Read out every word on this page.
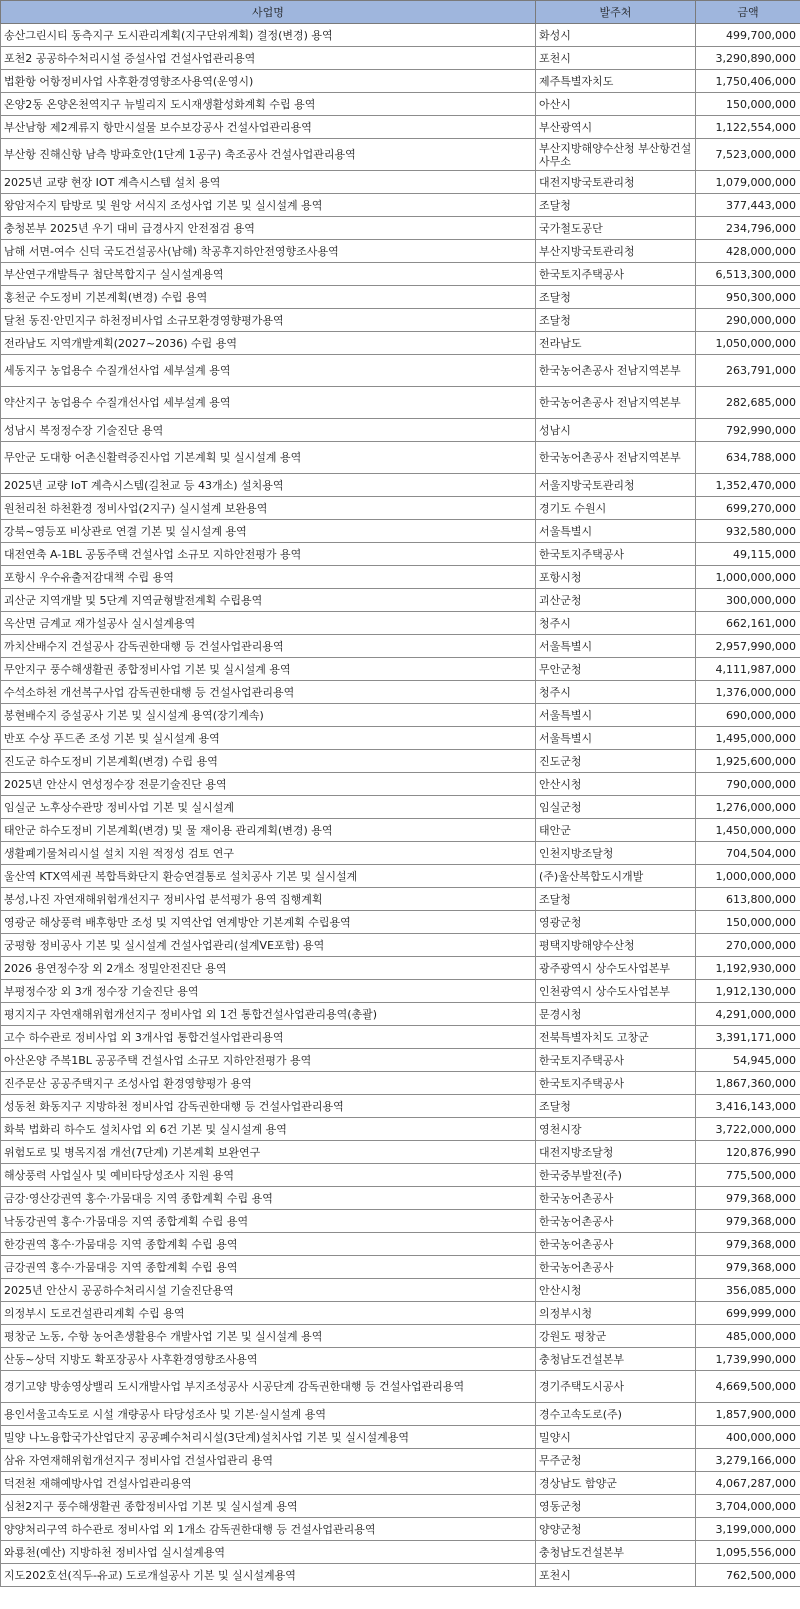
사업명	발주처	금액
송산그린시티 동측지구 도시관리계획(지구단위계획) 결정(변경) 용역	화성시	499,700,000
포천2 공공하수처리시설 증설사업 건설사업관리용역	포천시	3,290,890,000
법환항 어항정비사업 사후환경영향조사용역(운영시)	제주특별자치도	1,750,406,000
온양2동 온양온천역지구 뉴빌리지 도시재생활성화계획 수립 용역	아산시	150,000,000
부산남항 제2계류지 항만시설물 보수보강공사 건설사업관리용역	부산광역시	1,122,554,000
부산항 진해신항 남측 방파호안(1단계 1공구) 축조공사 건설사업관리용역	부산지방해양수산청 부산항건설사무소	7,523,000,000
2025년 교량 현장 IOT 계측시스템 설치 용역	대전지방국토관리청	1,079,000,000
왕암저수지 탐방로 및 원앙 서식지 조성사업 기본 및 실시설계 용역	조달청	377,443,000
충청본부 2025년 우기 대비 급경사지 안전점검 용역	국가철도공단	234,796,000
남해 서면-여수 신덕 국도건설공사(남해) 착공후지하안전영향조사용역	부산지방국토관리청	428,000,000
부산연구개발특구 첨단복합지구 실시설계용역	한국토지주택공사	6,513,300,000
홍천군 수도정비 기본계획(변경) 수립 용역	조달청	950,300,000
달천 동진·안민지구 하천정비사업 소규모환경영향평가용역	조달청	290,000,000
전라남도 지역개발계획(2027~2036) 수립 용역	전라남도	1,050,000,000
세동지구 농업용수 수질개선사업 세부설계 용역	한국농어촌공사 전남지역본부	263,791,000
약산지구 농업용수 수질개선사업 세부설계 용역	한국농어촌공사 전남지역본부	282,685,000
성남시 복정정수장 기술진단 용역	성남시	792,990,000
무안군 도대항 어촌신활력증진사업 기본계획 및 실시설계 용역	한국농어촌공사 전남지역본부	634,788,000
2025년 교량 IoT 계측시스템(길천교 등 43개소) 설치용역	서울지방국토관리청	1,352,470,000
원천리천 하천환경 정비사업(2지구) 실시설계 보완용역	경기도 수원시	699,270,000
강북~영등포 비상관로 연결 기본 및 실시설계 용역	서울특별시	932,580,000
대전연축 A-1BL 공동주택 건설사업 소규모 지하안전평가 용역	한국토지주택공사	49,115,000
포항시 우수유출저감대책 수립 용역	포항시청	1,000,000,000
괴산군 지역개발 및 5단계 지역균형발전계획 수립용역	괴산군청	300,000,000
옥산면 금계교 재가설공사 실시설계용역	청주시	662,161,000
까치산배수지 건설공사 감독권한대행 등 건설사업관리용역	서울특별시	2,957,990,000
무안지구 풍수해생활권 종합정비사업 기본 및 실시설계 용역	무안군청	4,111,987,000
수석소하천 개선복구사업 감독권한대행 등 건설사업관리용역	청주시	1,376,000,000
봉현배수지 증설공사 기본 및 실시설계 용역(장기계속)	서울특별시	690,000,000
반포 수상 푸드존 조성 기본 및 실시설계 용역	서울특별시	1,495,000,000
진도군 하수도정비 기본계획(변경) 수립 용역	진도군청	1,925,600,000
2025년 안산시 연성정수장 전문기술진단 용역	안산시청	790,000,000
임실군 노후상수관망 정비사업 기본 및 실시설계	임실군청	1,276,000,000
태안군 하수도정비 기본계획(변경) 및 물 재이용 관리계획(변경) 용역	태안군	1,450,000,000
생활폐기물처리시설 설치 지원 적정성 검토 연구	인천지방조달청	704,504,000
울산역 KTX역세권 복합특화단지 환승연결통로 설치공사 기본 및 실시설계	(주)울산복합도시개발	1,000,000,000
봉성,나진 자연재해위험개선지구 정비사업 분석평가 용역 집행계획	조달청	613,800,000
영광군 해상풍력 배후항만 조성 및 지역산업 연계방안 기본계획 수립용역	영광군청	150,000,000
궁평항 정비공사 기본 및 실시설계 건설사업관리(설계VE포함) 용역	평택지방해양수산청	270,000,000
2026 용연정수장 외 2개소 정밀안전진단 용역	광주광역시 상수도사업본부	1,192,930,000
부평정수장 외 3개 정수장 기술진단 용역	인천광역시 상수도사업본부	1,912,130,000
평지지구 자연재해위험개선지구 정비사업 외 1건 통합건설사업관리용역(총괄)	문경시청	4,291,000,000
고수 하수관로 정비사업 외 3개사업 통합건설사업관리용역	전북특별자치도 고창군	3,391,171,000
아산온양 주복1BL 공공주택 건설사업 소규모 지하안전평가 용역	한국토지주택공사	54,945,000
진주문산 공공주택지구 조성사업 환경영향평가 용역	한국토지주택공사	1,867,360,000
성동천 화동지구 지방하천 정비사업 감독권한대행 등 건설사업관리용역	조달청	3,416,143,000
화북 법화리 하수도 설치사업 외 6건 기본 및 실시설계 용역	영천시장	3,722,000,000
위험도로 및 병목지점 개선(7단계) 기본계획 보완연구	대전지방조달청	120,876,990
해상풍력 사업실사 및 예비타당성조사 지원 용역	한국중부발전(주)	775,500,000
금강·영산강권역 홍수·가뭄대응 지역 종합계획 수립 용역	한국농어촌공사	979,368,000
낙동강권역 홍수·가뭄대응 지역 종합계획 수립 용역	한국농어촌공사	979,368,000
한강권역 홍수·가뭄대응 지역 종합계획 수립 용역	한국농어촌공사	979,368,000
금강권역 홍수·가뭄대응 지역 종합계획 수립 용역	한국농어촌공사	979,368,000
2025년 안산시 공공하수처리시설 기술진단용역	안산시청	356,085,000
의정부시 도로건설관리계획 수립 용역	의정부시청	699,999,000
평창군 노동, 수항 농어촌생활용수 개발사업 기본 및 실시설계 용역	강원도 평창군	485,000,000
산동~상덕 지방도 확포장공사 사후환경영향조사용역	충청남도건설본부	1,739,990,000
경기고양 방송영상밸리 도시개발사업 부지조성공사 시공단계 감독권한대행 등 건설사업관리용역	경기주택도시공사	4,669,500,000
용인서울고속도로 시설 개량공사 타당성조사 및 기본·실시설계 용역	경수고속도로(주)	1,857,900,000
밀양 나노융합국가산업단지 공공폐수처리시설(3단계)설치사업 기본 및 실시설계용역	밀양시	400,000,000
삼유 자연재해위험개선지구 정비사업 건설사업관리 용역	무주군청	3,279,166,000
덕전천 재해예방사업 건설사업관리용역	경상남도 함양군	4,067,287,000
심천2지구 풍수해생활권 종합정비사업 기본 및 실시설계 용역	영동군청	3,704,000,000
양양처리구역 하수관로 정비사업 외 1개소 감독권한대행 등 건설사업관리용역	양양군청	3,199,000,000
와룡천(예산) 지방하천 정비사업 실시설계용역	충청남도건설본부	1,095,556,000
지도202호선(직두-유교) 도로개설공사 기본 및 실시설계용역	포천시	762,500,000
